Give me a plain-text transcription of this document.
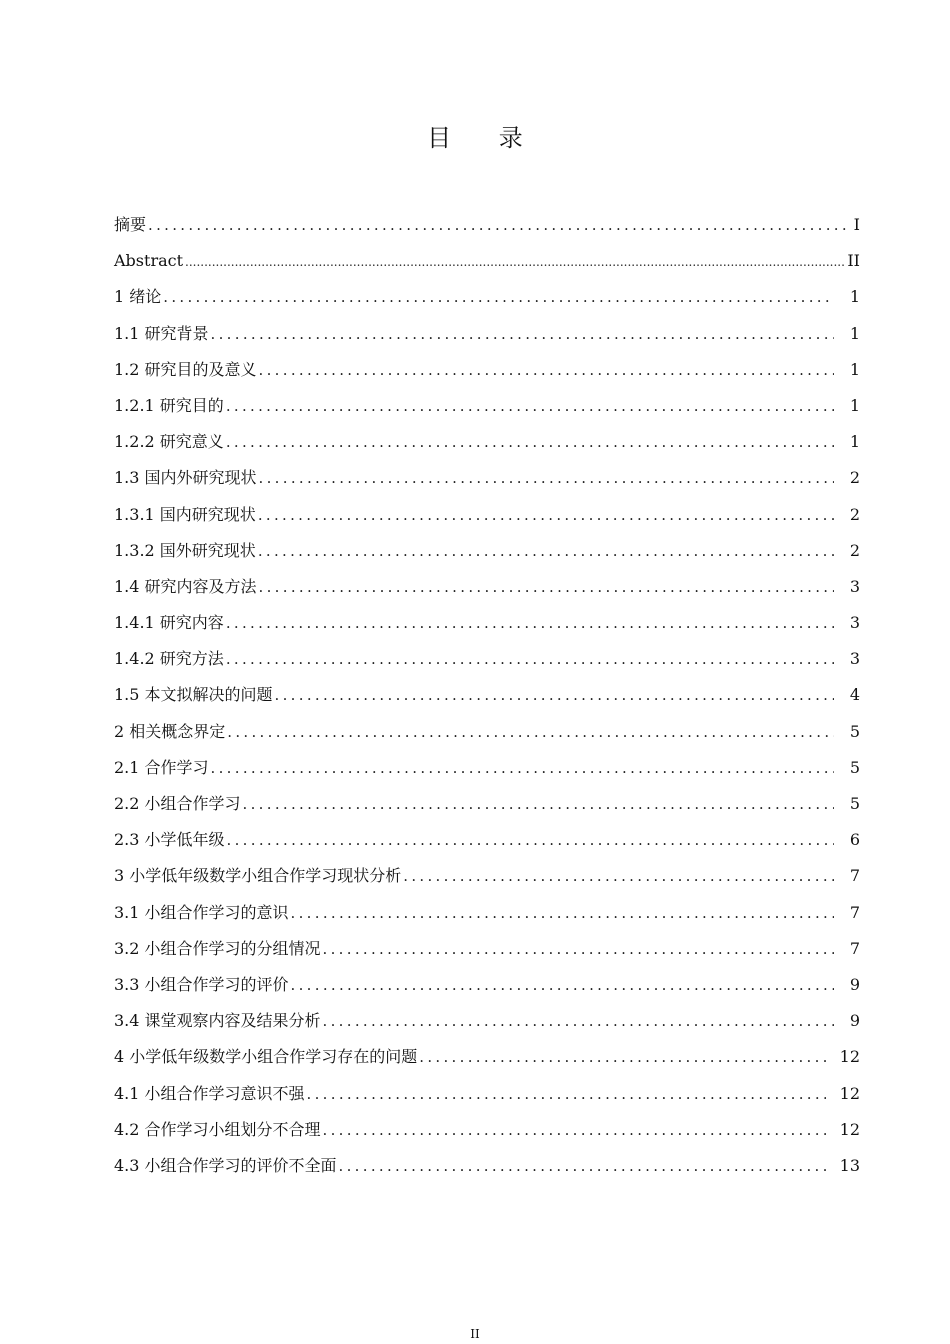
目 录
摘要 .....	I
Abstract .....	II
1 绪论 .....	1
1.1 研究背景 .....	1
1.2 研究目的及意义 .....	1
1.2.1 研究目的 .....	1
1.2.2 研究意义 .....	1
1.3 国内外研究现状 .....	2
1.3.1 国内研究现状 .....	2
1.3.2 国外研究现状 .....	2
1.4 研究内容及方法 .....	3
1.4.1 研究内容 .....	3
1.4.2 研究方法 .....	3
1.5 本文拟解决的问题 .....	4
2 相关概念界定 .....	5
2.1 合作学习 .....	5
2.2 小组合作学习 .....	5
2.3 小学低年级 .....	6
3 小学低年级数学小组合作学习现状分析 .....	7
3.1 小组合作学习的意识 .....	7
3.2 小组合作学习的分组情况 .....	7
3.3 小组合作学习的评价 .....	9
3.4 课堂观察内容及结果分析 .....	9
4 小学低年级数学小组合作学习存在的问题 .....	12
4.1 小组合作学习意识不强 .....	12
4.2 合作学习小组划分不合理 .....	12
4.3 小组合作学习的评价不全面 .....	13
II
